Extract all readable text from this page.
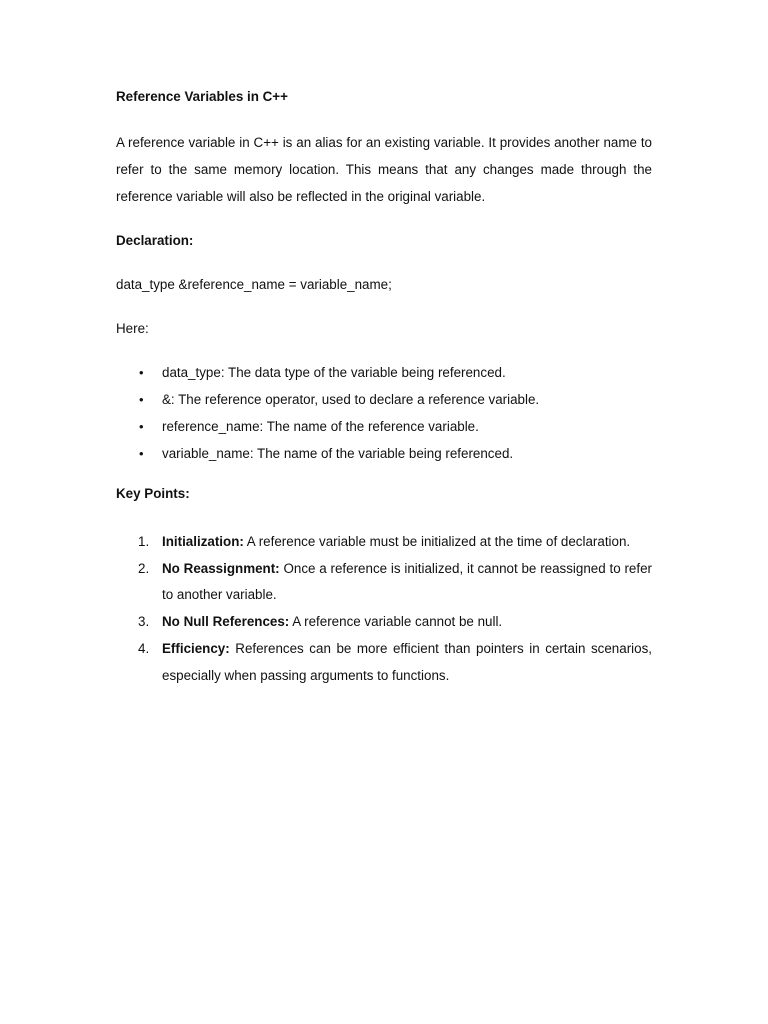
Reference Variables in C++

A reference variable in C++ is an alias for an existing variable. It provides another name to refer to the same memory location. This means that any changes made through the reference variable will also be reflected in the original variable.

Declaration:

data_type &reference_name = variable_name;

Here:

• data_type: The data type of the variable being referenced.
• &: The reference operator, used to declare a reference variable.
• reference_name: The name of the reference variable.
• variable_name: The name of the variable being referenced.

Key Points:

1. Initialization: A reference variable must be initialized at the time of declaration.
2. No Reassignment: Once a reference is initialized, it cannot be reassigned to refer to another variable.
3. No Null References: A reference variable cannot be null.
4. Efficiency: References can be more efficient than pointers in certain scenarios, especially when passing arguments to functions.
